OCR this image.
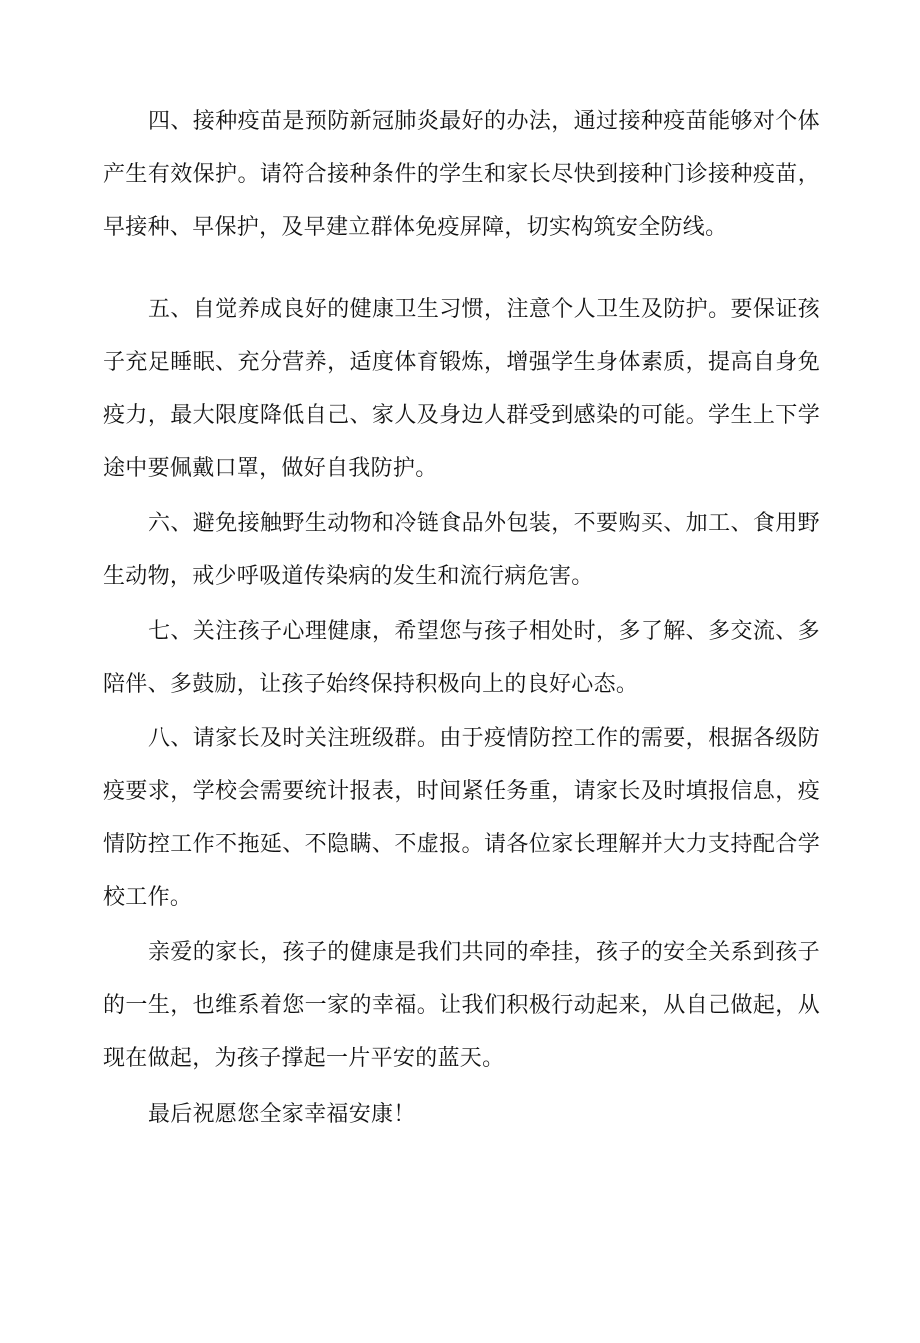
四、接种疫苗是预防新冠肺炎最好的办法，通过接种疫苗能够对个体产生有效保护。请符合接种条件的学生和家长尽快到接种门诊接种疫苗，早接种、早保护，及早建立群体免疫屏障，切实构筑安全防线。

五、自觉养成良好的健康卫生习惯，注意个人卫生及防护。要保证孩子充足睡眠、充分营养，适度体育锻炼，增强学生身体素质，提高自身免疫力，最大限度降低自己、家人及身边人群受到感染的可能。学生上下学途中要佩戴口罩，做好自我防护。

六、避免接触野生动物和冷链食品外包装，不要购买、加工、食用野生动物，戒少呼吸道传染病的发生和流行病危害。

七、关注孩子心理健康，希望您与孩子相处时，多了解、多交流、多陪伴、多鼓励，让孩子始终保持积极向上的良好心态。

八、请家长及时关注班级群。由于疫情防控工作的需要，根据各级防疫要求，学校会需要统计报表，时间紧任务重，请家长及时填报信息，疫情防控工作不拖延、不隐瞒、不虚报。请各位家长理解并大力支持配合学校工作。

亲爱的家长，孩子的健康是我们共同的牵挂，孩子的安全关系到孩子的一生，也维系着您一家的幸福。让我们积极行动起来，从自己做起，从现在做起，为孩子撑起一片平安的蓝天。

最后祝愿您全家幸福安康！
